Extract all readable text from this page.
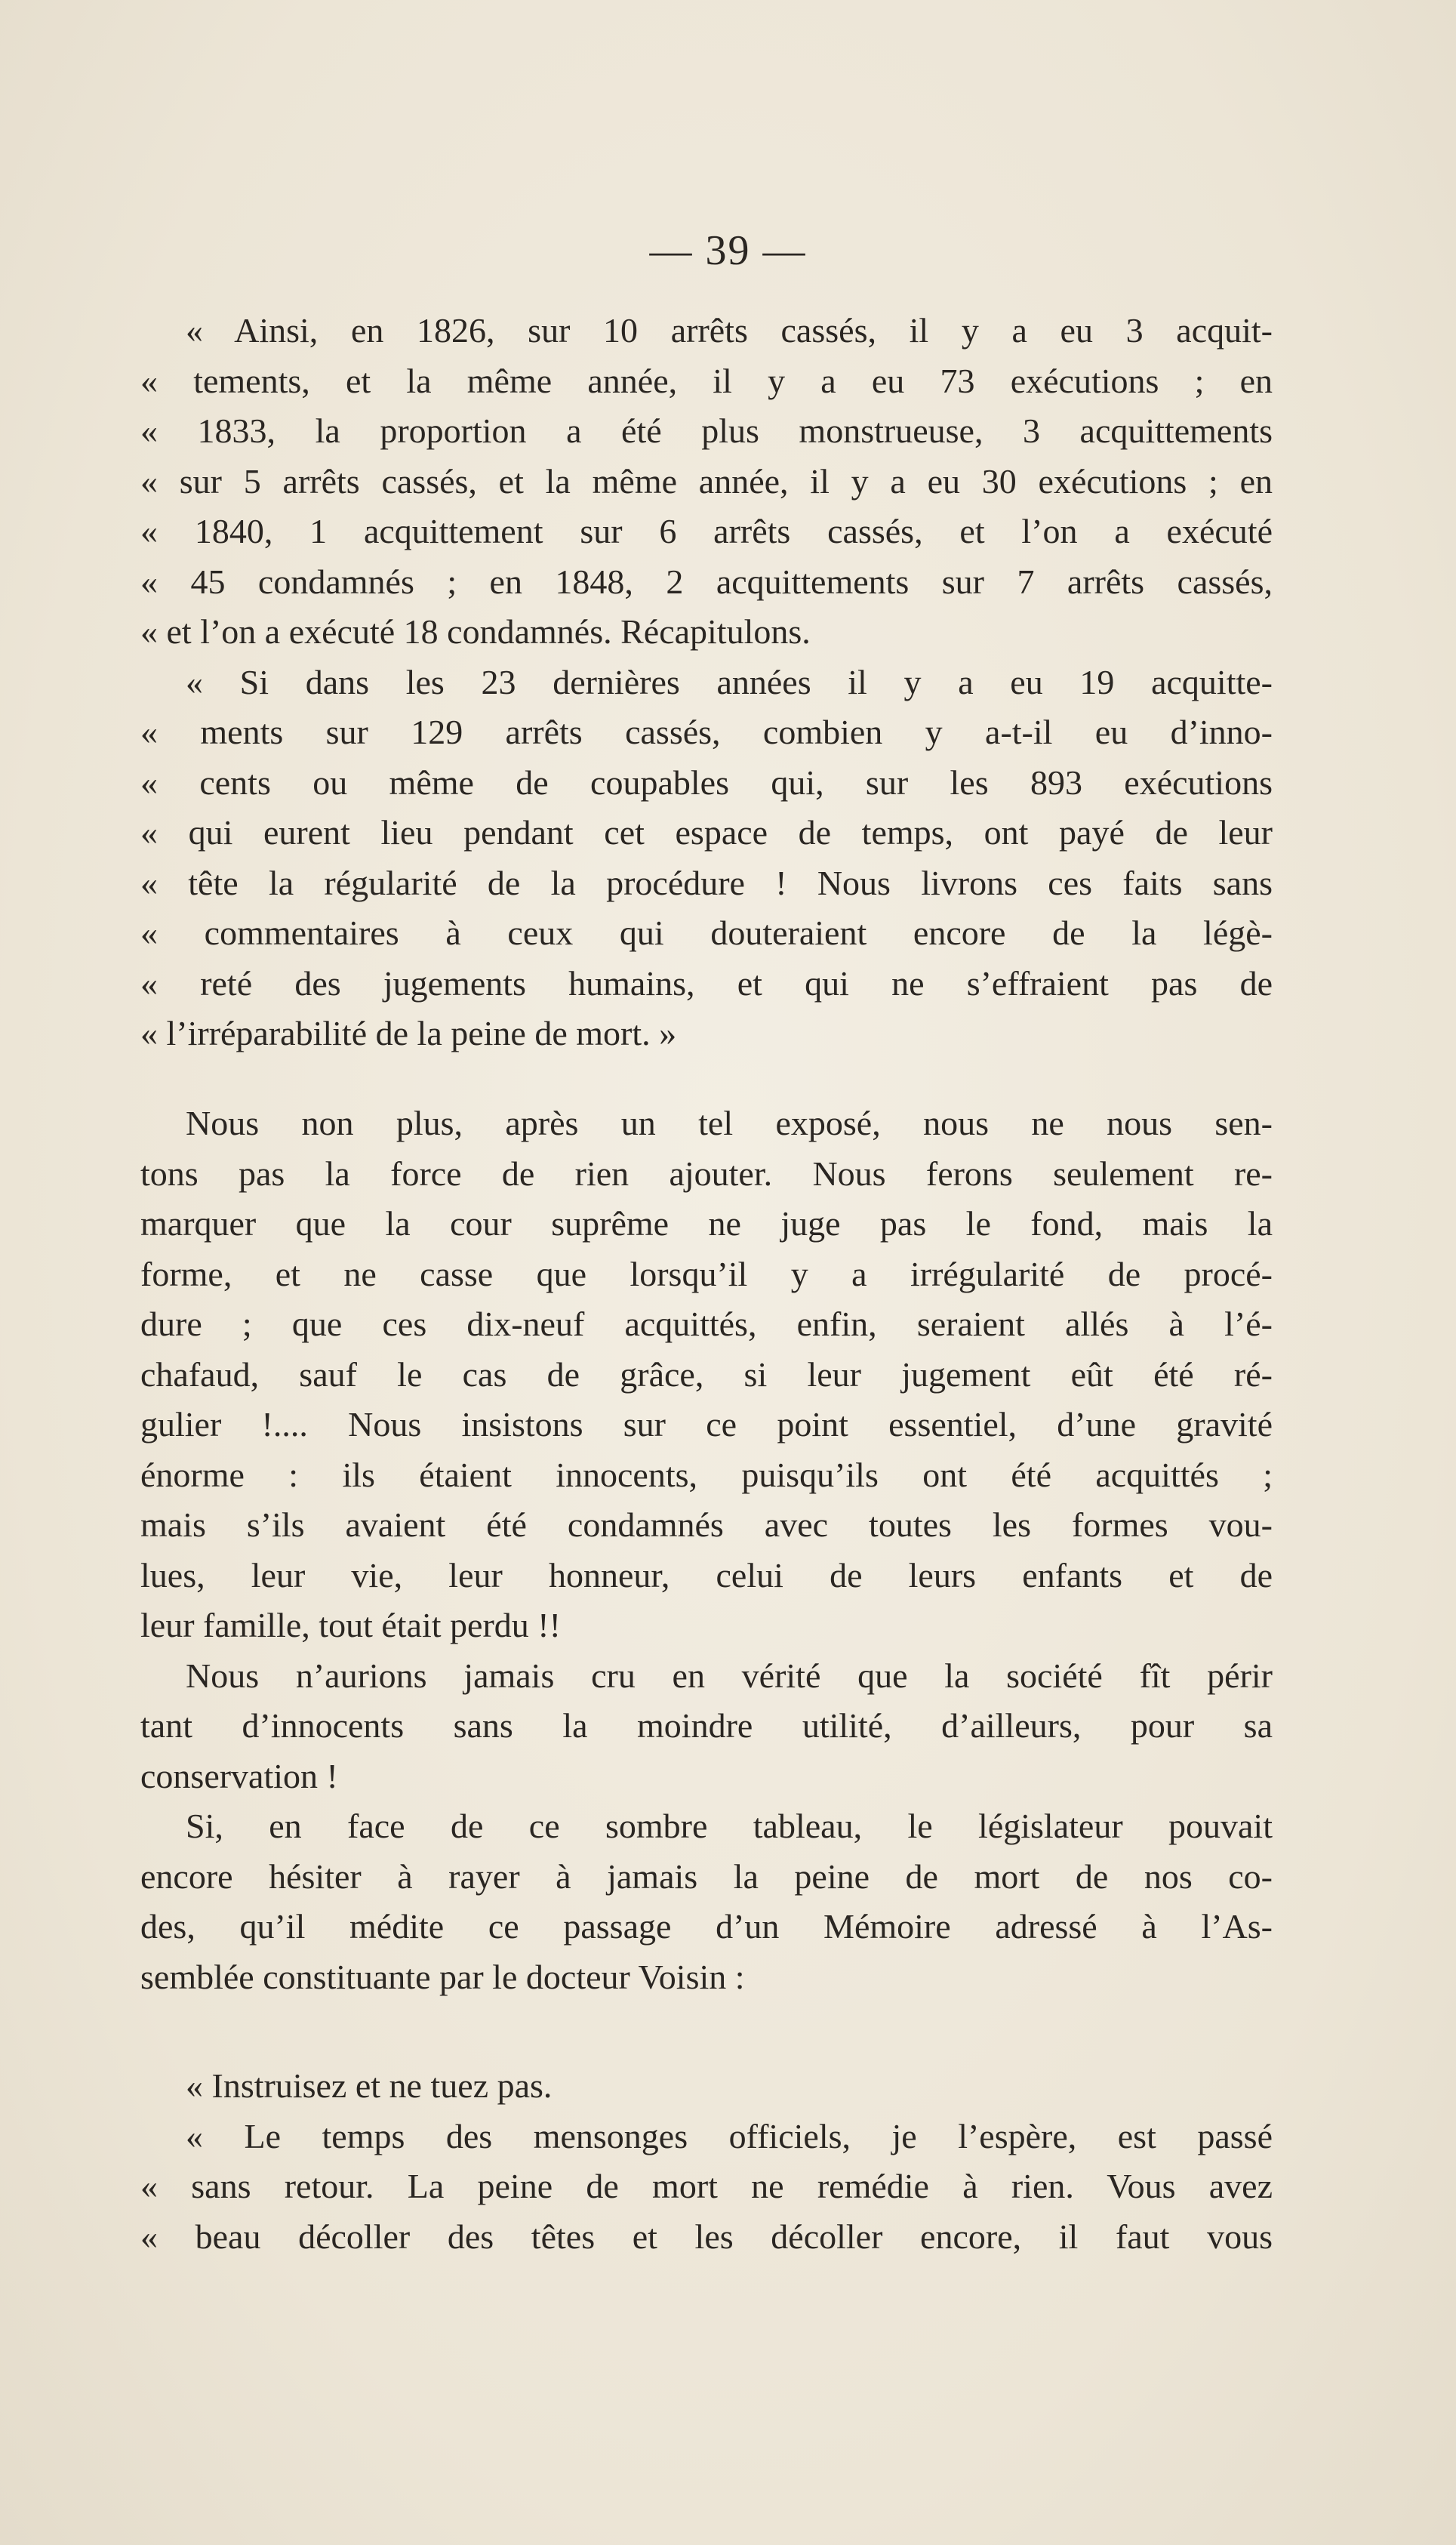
— 39 —
« Ainsi, en 1826, sur 10 arrêts cassés, il y a eu 3 acquit-
« tements, et la même année, il y a eu 73 exécutions ; en
« 1833, la proportion a été plus monstrueuse, 3 acquittements
« sur 5 arrêts cassés, et la même année, il y a eu 30 exécutions ; en
« 1840, 1 acquittement sur 6 arrêts cassés, et l’on a exécuté
« 45 condamnés ; en 1848, 2 acquittements sur 7 arrêts cassés,
« et l’on a exécuté 18 condamnés. Récapitulons.
« Si dans les 23 dernières années il y a eu 19 acquitte-
« ments sur 129 arrêts cassés, combien y a-t-il eu d’inno-
« cents ou même de coupables qui, sur les 893 exécutions
« qui eurent lieu pendant cet espace de temps, ont payé de leur
« tête la régularité de la procédure ! Nous livrons ces faits sans
« commentaires à ceux qui douteraient encore de la légè-
« reté des jugements humains, et qui ne s’effraient pas de
« l’irréparabilité de la peine de mort. »
Nous non plus, après un tel exposé, nous ne nous sen-
tons pas la force de rien ajouter. Nous ferons seulement re-
marquer que la cour suprême ne juge pas le fond, mais la
forme, et ne casse que lorsqu’il y a irrégularité de procé-
dure ; que ces dix-neuf acquittés, enfin, seraient allés à l’é-
chafaud, sauf le cas de grâce, si leur jugement eût été ré-
gulier !.... Nous insistons sur ce point essentiel, d’une gravité
énorme : ils étaient innocents, puisqu’ils ont été acquittés ;
mais s’ils avaient été condamnés avec toutes les formes vou-
lues, leur vie, leur honneur, celui de leurs enfants et de
leur famille, tout était perdu !!
Nous n’aurions jamais cru en vérité que la société fît périr
tant d’innocents sans la moindre utilité, d’ailleurs, pour sa
conservation !
Si, en face de ce sombre tableau, le législateur pouvait
encore hésiter à rayer à jamais la peine de mort de nos co-
des, qu’il médite ce passage d’un Mémoire adressé à l’As-
semblée constituante par le docteur Voisin :
« Instruisez et ne tuez pas.
« Le temps des mensonges officiels, je l’espère, est passé
« sans retour. La peine de mort ne remédie à rien. Vous avez
« beau décoller des têtes et les décoller encore, il faut vous
